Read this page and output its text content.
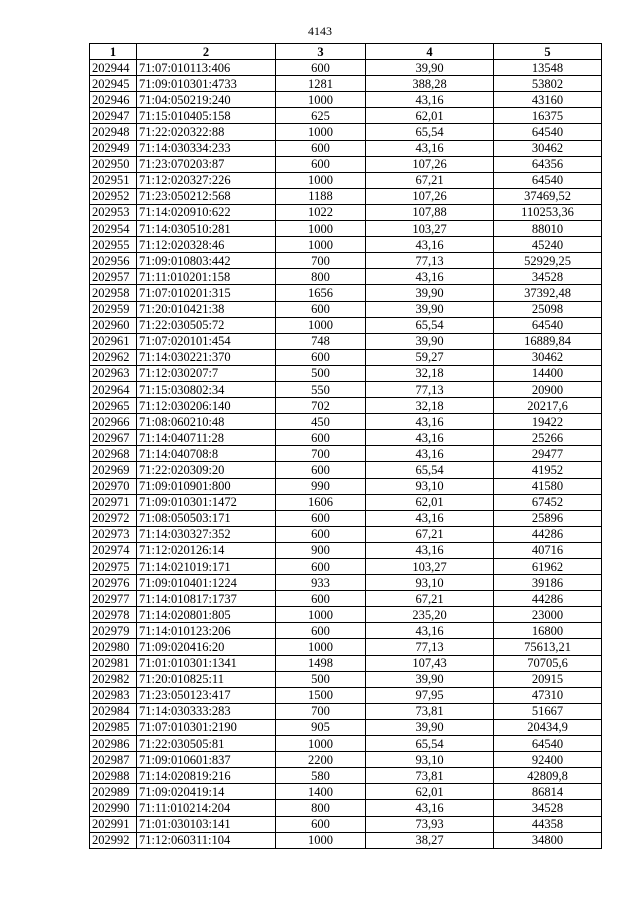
4143
1	2	3	4	5
202944	71:07:010113:406	600	39,90	13548
202945	71:09:010301:4733	1281	388,28	53802
202946	71:04:050219:240	1000	43,16	43160
202947	71:15:010405:158	625	62,01	16375
202948	71:22:020322:88	1000	65,54	64540
202949	71:14:030334:233	600	43,16	30462
202950	71:23:070203:87	600	107,26	64356
202951	71:12:020327:226	1000	67,21	64540
202952	71:23:050212:568	1188	107,26	37469,52
202953	71:14:020910:622	1022	107,88	110253,36
202954	71:14:030510:281	1000	103,27	88010
202955	71:12:020328:46	1000	43,16	45240
202956	71:09:010803:442	700	77,13	52929,25
202957	71:11:010201:158	800	43,16	34528
202958	71:07:010201:315	1656	39,90	37392,48
202959	71:20:010421:38	600	39,90	25098
202960	71:22:030505:72	1000	65,54	64540
202961	71:07:020101:454	748	39,90	16889,84
202962	71:14:030221:370	600	59,27	30462
202963	71:12:030207:7	500	32,18	14400
202964	71:15:030802:34	550	77,13	20900
202965	71:12:030206:140	702	32,18	20217,6
202966	71:08:060210:48	450	43,16	19422
202967	71:14:040711:28	600	43,16	25266
202968	71:14:040708:8	700	43,16	29477
202969	71:22:020309:20	600	65,54	41952
202970	71:09:010901:800	990	93,10	41580
202971	71:09:010301:1472	1606	62,01	67452
202972	71:08:050503:171	600	43,16	25896
202973	71:14:030327:352	600	67,21	44286
202974	71:12:020126:14	900	43,16	40716
202975	71:14:021019:171	600	103,27	61962
202976	71:09:010401:1224	933	93,10	39186
202977	71:14:010817:1737	600	67,21	44286
202978	71:14:020801:805	1000	235,20	23000
202979	71:14:010123:206	600	43,16	16800
202980	71:09:020416:20	1000	77,13	75613,21
202981	71:01:010301:1341	1498	107,43	70705,6
202982	71:20:010825:11	500	39,90	20915
202983	71:23:050123:417	1500	97,95	47310
202984	71:14:030333:283	700	73,81	51667
202985	71:07:010301:2190	905	39,90	20434,9
202986	71:22:030505:81	1000	65,54	64540
202987	71:09:010601:837	2200	93,10	92400
202988	71:14:020819:216	580	73,81	42809,8
202989	71:09:020419:14	1400	62,01	86814
202990	71:11:010214:204	800	43,16	34528
202991	71:01:030103:141	600	73,93	44358
202992	71:12:060311:104	1000	38,27	34800
